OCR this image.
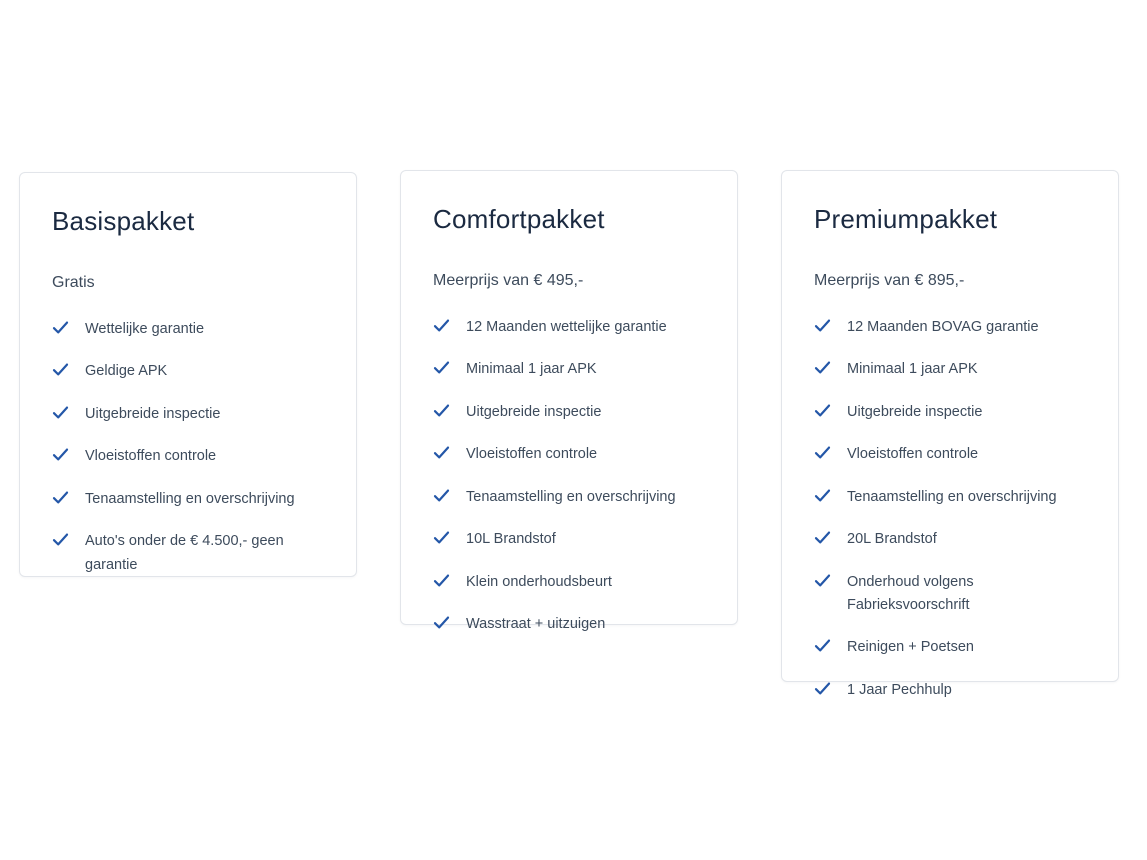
Basispakket

Gratis

Wettelijke garantie
Geldige APK
Uitgebreide inspectie
Vloeistoffen controle
Tenaamstelling en overschrijving
Auto's onder de € 4.500,- geen garantie
Comfortpakket

Meerprijs van € 495,-

12 Maanden wettelijke garantie
Minimaal 1 jaar APK
Uitgebreide inspectie
Vloeistoffen controle
Tenaamstelling en overschrijving
10L Brandstof
Klein onderhoudsbeurt
Wasstraat + uitzuigen
Premiumpakket

Meerprijs van € 895,-

12 Maanden BOVAG garantie
Minimaal 1 jaar APK
Uitgebreide inspectie
Vloeistoffen controle
Tenaamstelling en overschrijving
20L Brandstof
Onderhoud volgens Fabrieksvoorschrift
Reinigen + Poetsen
1 Jaar Pechhulp
